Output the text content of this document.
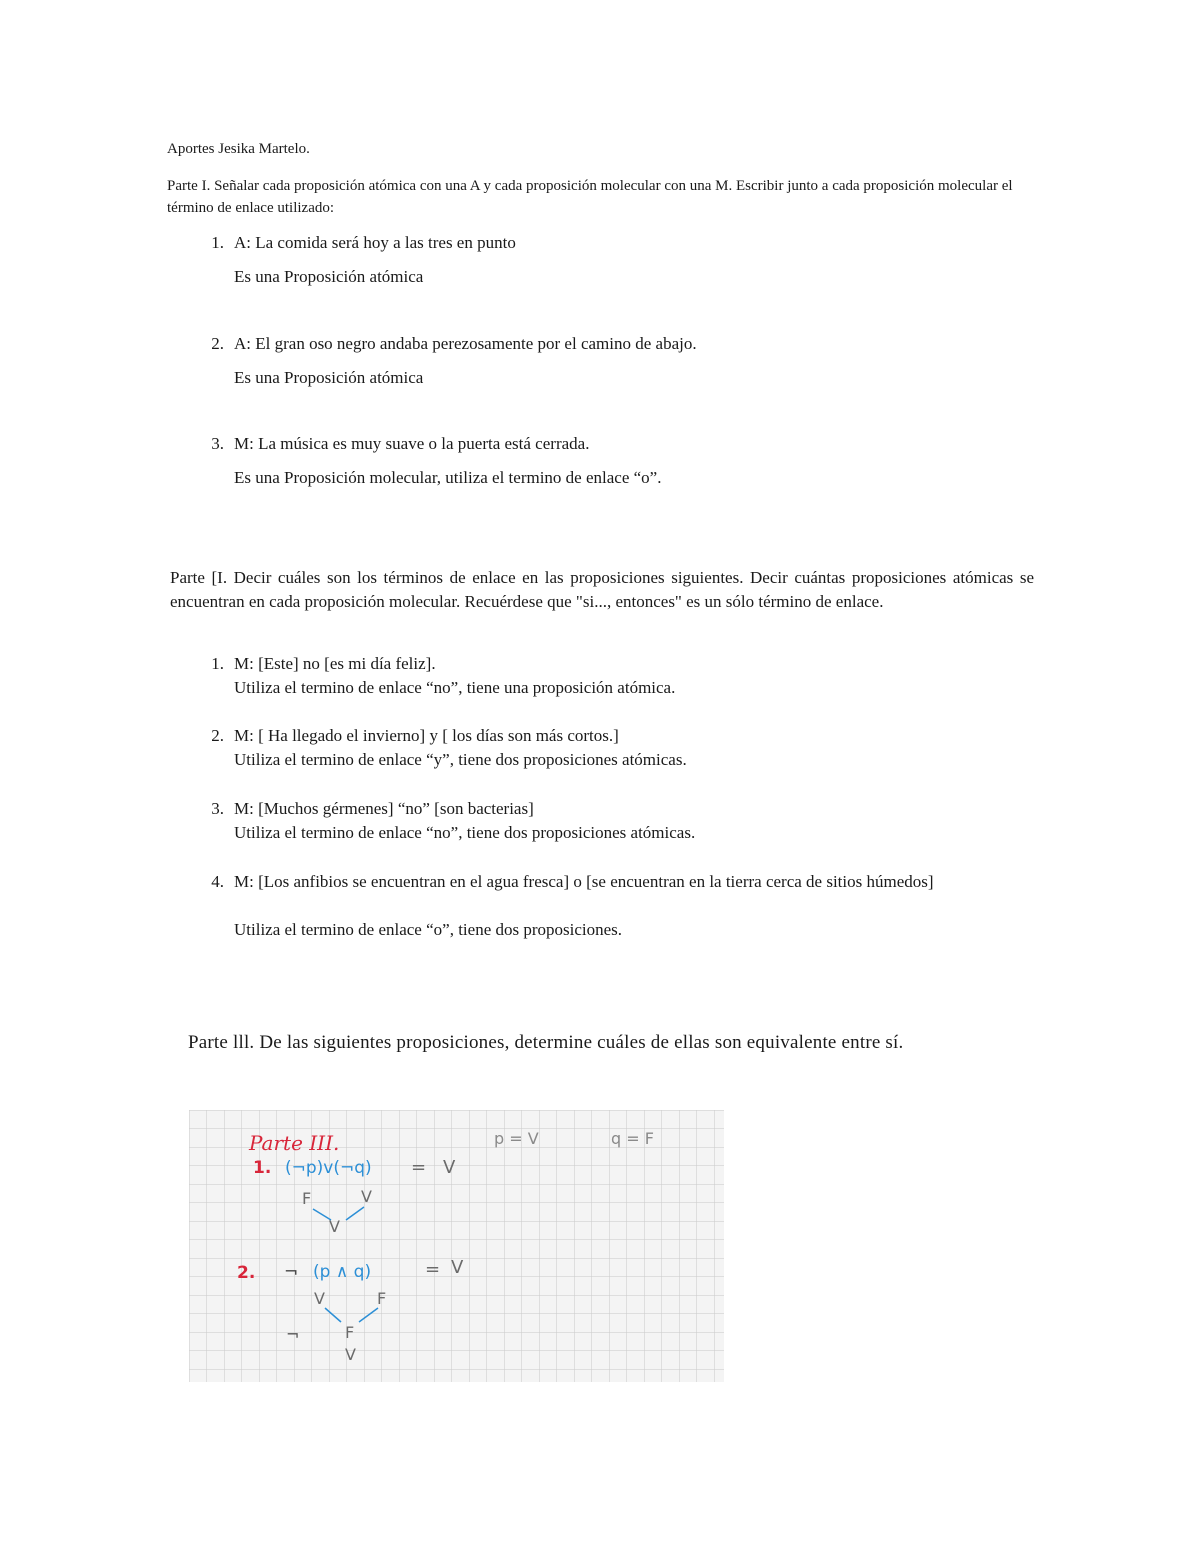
Aportes Jesika Martelo.
Parte I. Señalar cada proposición atómica con una A y cada proposición molecular con una M. Escribir junto a cada proposición molecular el término de enlace utilizado:
1. A: La comida será hoy a las tres en punto
Es una Proposición atómica
2. A: El gran oso negro andaba perezosamente por el camino de abajo.
Es una Proposición atómica
3. M: La música es muy suave o la puerta está cerrada.
Es una Proposición molecular, utiliza el termino de enlace “o”.
Parte [I. Decir cuáles son los términos de enlace en las proposiciones siguientes. Decir cuántas proposiciones atómicas se encuentran en cada proposición molecular. Recuérdese que "si..., entonces" es un sólo término de enlace.
1. M: [Este] no [es mi día feliz].
Utiliza el termino de enlace “no”, tiene una proposición atómica.
2. M: [ Ha llegado el invierno] y [ los días son más cortos.]
Utiliza el termino de enlace “y”, tiene dos proposiciones atómicas.
3. M: [Muchos gérmenes] “no” [son bacterias]
Utiliza el termino de enlace “no”, tiene dos proposiciones atómicas.
4. M: [Los anfibios se encuentran en el agua fresca] o [se encuentran en la tierra cerca de sitios húmedos]
Utiliza el termino de enlace “o”, tiene dos proposiciones.
Parte lll. De las siguientes proposiciones, determine cuáles de ellas son equivalente entre sí.
Parte III.	p = V	q = F
1. (¬p)v(¬q) = V
F	V
V
2. ¬ (p ∧ q)	= V
V	F
¬	F
V
